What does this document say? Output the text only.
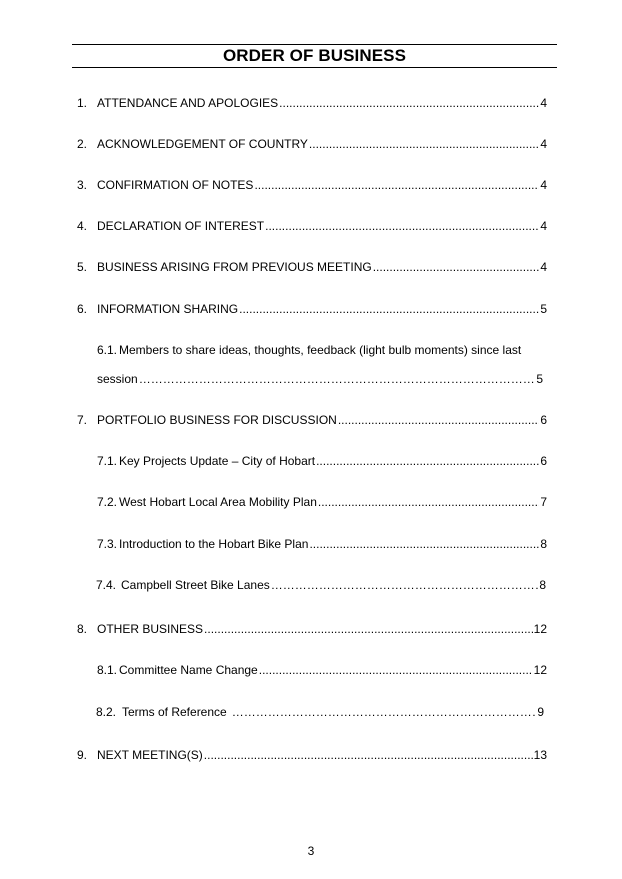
ORDER OF BUSINESS
1. ATTENDANCE AND APOLOGIES .....	4
2. ACKNOWLEDGEMENT OF COUNTRY .....	4
3. CONFIRMATION OF NOTES .....	4
4. DECLARATION OF INTEREST .....	4
5. BUSINESS ARISING FROM PREVIOUS MEETING .....	4
6. INFORMATION SHARING .....	5
6.1. Members to share ideas, thoughts, feedback (light bulb moments) since last
session ………………………………………………………………………………………………………………………………………………………………	5
7. PORTFOLIO BUSINESS FOR DISCUSSION .....	6
7.1. Key Projects Update – City of Hobart .....	6
7.2. West Hobart Local Area Mobility Plan .....	7
7.3. Introduction to the Hobart Bike Plan .....	8
7.4. Campbell Street Bike Lanes ………………………………………………………………………………………………………………………………………………………………	8
8. OTHER BUSINESS .....	12
8.1. Committee Name Change .....	12
8.2. Terms of Reference ………………………………………………………………………………………………………………………………………………………………	9
9. NEXT MEETING(S) .....	13
3
